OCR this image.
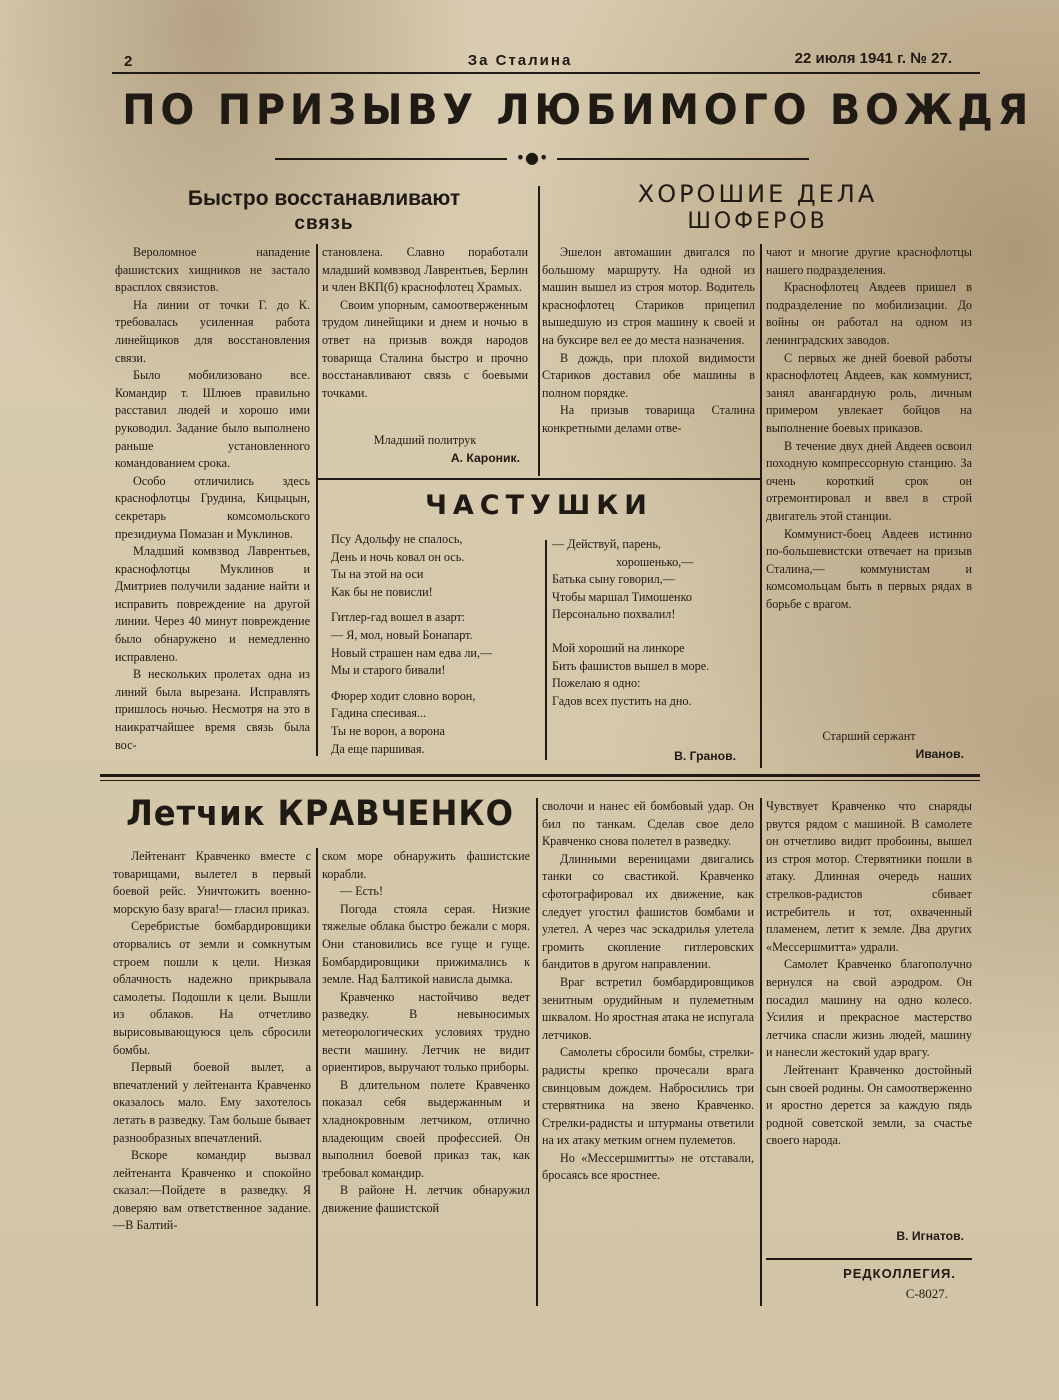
2	За Сталина	22 июля 1941 г. № 27.
ПО ПРИЗЫВУ ЛЮБИМОГО ВОЖДЯ
•●•
Быстро восстанавливают
связь

Вероломное нападение фашистских хищников не застало врасплох связистов.

На линии от точки Г. до К. требовалась усиленная работа линейщиков для восстановления связи.

Было мобилизовано все. Командир т. Шлюев правильно расставил людей и хорошо ими руководил. Задание было выполнено раньше установленного командованием срока.

Особо отличились здесь краснофлотцы Грудина, Кицыцын, секретарь комсомольского президиума Помазан и Муклинов.

Младший комвзвод Лаврентьев, краснофлотцы Муклинов и Дмитриев получили задание найти и исправить повреждение на другой линии. Через 40 минут повреждение было обнаружено и немедленно исправлено.

В нескольких пролетах одна из линий была вырезана. Исправлять пришлось ночью. Несмотря на это в наикратчайшее время связь была вос-

становлена. Славно поработали младший комвзвод Лаврентьев, Берлин и член ВКП(б) краснофлотец Храмых.

Своим упорным, самоотверженным трудом линейщики и днем и ночью в ответ на призыв вождя народов товарища Сталина быстро и прочно восстанавливают связь с боевыми точками.

Младший политрук
А. Кароник.
ХОРОШИЕ ДЕЛА
ШОФЕРОВ

Эшелон автомашин двигался по большому маршруту. На одной из машин вышел из строя мотор. Водитель краснофлотец Стариков прицепил вышедшую из строя машину к своей и на буксире вел ее до места назначения.

В дождь, при плохой видимости Стариков доставил обе машины в полном порядке.

На призыв товарища Сталина конкретными делами отве-

чают и многие другие краснофлотцы нашего подразделения.

Краснофлотец Авдеев пришел в подразделение по мобилизации. До войны он работал на одном из ленинградских заводов.

С первых же дней боевой работы краснофлотец Авдеев, как коммунист, занял авангардную роль, личным примером увлекает бойцов на выполнение боевых приказов.

В течение двух дней Авдеев освоил походную компрессорную станцию. За очень короткий срок он отремонтировал и ввел в строй двигатель этой станции.

Коммунист-боец Авдеев истинно по-большевистски отвечает на призыв Сталина,— коммунистам и комсомольцам быть в первых рядах в борьбе с врагом.

Старший сержант
Иванов.
ЧАСТУШКИ
Псу Адольфу не спалось,
День и ночь ковал он ось.
Ты на этой на оси
Как бы не повисли!
Гитлер-гад вошел в азарт:
— Я, мол, новый Бонапарт.
Новый страшен нам едва ли,—
Мы и старого бивали!
Фюрер ходит словно ворон,
Гадина спесивая...
Ты не ворон, а ворона
Да еще паршивая.
— Действуй, парень,
хорошенько,—
Батька сыну говорил,—
Чтобы маршал Тимошенко
Персонально похвалил!
Мой хороший на линкоре
Бить фашистов вышел в море.
Пожелаю я одно:
Гадов всех пустить на дно.
В. Гранов.
Летчик КРАВЧЕНКО

Лейтенант Кравченко вместе с товарищами, вылетел в первый боевой рейс. Уничтожить военно-морскую базу врага!— гласил приказ.

Серебристые бомбардировщики оторвались от земли и сомкнутым строем пошли к цели. Низкая облачность надежно прикрывала самолеты. Подошли к цели. Вышли из облаков. На отчетливо вырисовывающуюся цель сбросили бомбы.

Первый боевой вылет, а впечатлений у лейтенанта Кравченко оказалось мало. Ему захотелось летать в разведку. Там больше бывает разнообразных впечатлений.

Вскоре командир вызвал лейтенанта Кравченко и спокойно сказал:—Пойдете в разведку. Я доверяю вам ответственное задание.—В Балтий-

ском море обнаружить фашистские корабли.

— Есть!

Погода стояла серая. Низкие тяжелые облака быстро бежали с моря. Они становились все гуще и гуще. Бомбардировщики прижимались к земле. Над Балтикой нависла дымка.

Кравченко настойчиво ведет разведку. В невыносимых метеорологических условиях трудно вести машину. Летчик не видит ориентиров, выручают только приборы.

В длительном полете Кравченко показал себя выдержанным и хладнокровным летчиком, отлично владеющим своей профессией. Он выполнил боевой приказ так, как требовал командир.

В районе Н. летчик обнаружил движение фашистской

сволочи и нанес ей бомбовый удар. Он бил по танкам. Сделав свое дело Кравченко снова полетел в разведку.

Длинными вереницами двигались танки со свастикой. Кравченко сфотографировал их движение, как следует угостил фашистов бомбами и улетел. А через час эскадрилья улетела громить скопление гитлеровских бандитов в другом направлении.

Враг встретил бомбардировщиков зенитным орудийным и пулеметным шквалом. Но яростная атака не испугала летчиков.

Самолеты сбросили бомбы, стрелки-радисты крепко прочесали врага свинцовым дождем. Набросились три стервятника на звено Кравченко. Стрелки-радисты и штурманы ответили на их атаку метким огнем пулеметов.

Но «Мессершмитты» не отставали, бросаясь все яростнее.

Чувствует Кравченко что снаряды рвутся рядом с машиной. В самолете он отчетливо видит пробоины, вышел из строя мотор. Стервятники пошли в атаку. Длинная очередь наших стрелков-радистов сбивает истребитель и тот, охваченный пламенем, летит к земле. Два других «Мессершмитта» удрали.

Самолет Кравченко благополучно вернулся на свой аэродром. Он посадил машину на одно колесо. Усилия и прекрасное мастерство летчика спасли жизнь людей, машину и нанесли жестокий удар врагу.

Лейтенант Кравченко достойный сын своей родины. Он самоотверженно и яростно дерется за каждую пядь родной советской земли, за счастье своего народа.

В. Игнатов.
РЕДКОЛЛЕГИЯ.
С-8027.
